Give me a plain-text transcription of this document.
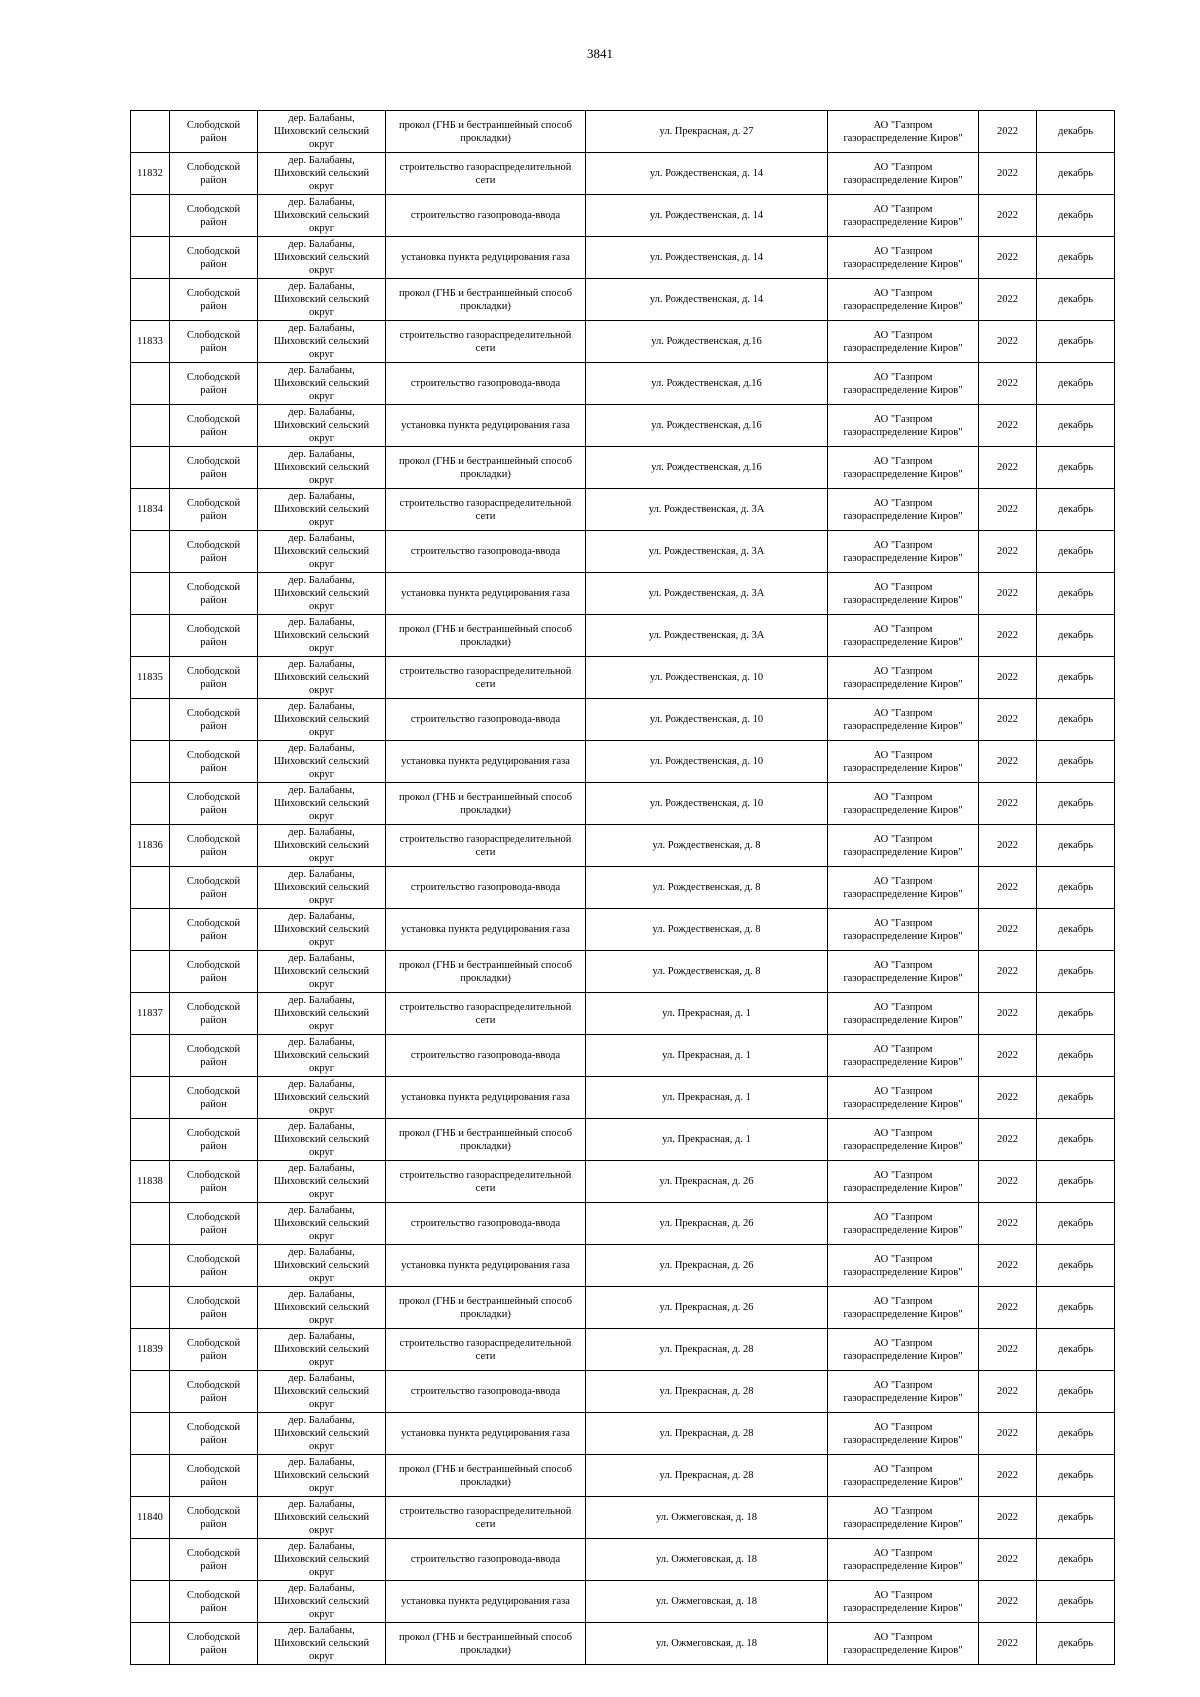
3841
	Слободской район	дер. Балабаны, Шиховский сельский округ	прокол (ГНБ и бестраншейный способ прокладки)	ул. Прекрасная, д. 27	АО "Газпром газораспределение Киров"	2022	декабрь
11832	Слободской район	дер. Балабаны, Шиховский сельский округ	строительство газораспределительной сети	ул. Рождественская, д. 14	АО "Газпром газораспределение Киров"	2022	декабрь
	Слободской район	дер. Балабаны, Шиховский сельский округ	строительство газопровода-ввода	ул. Рождественская, д. 14	АО "Газпром газораспределение Киров"	2022	декабрь
	Слободской район	дер. Балабаны, Шиховский сельский округ	установка пункта редуцирования газа	ул. Рождественская, д. 14	АО "Газпром газораспределение Киров"	2022	декабрь
	Слободской район	дер. Балабаны, Шиховский сельский округ	прокол (ГНБ и бестраншейный способ прокладки)	ул. Рождественская, д. 14	АО "Газпром газораспределение Киров"	2022	декабрь
11833	Слободской район	дер. Балабаны, Шиховский сельский округ	строительство газораспределительной сети	ул. Рождественская, д.16	АО "Газпром газораспределение Киров"	2022	декабрь
	Слободской район	дер. Балабаны, Шиховский сельский округ	строительство газопровода-ввода	ул. Рождественская, д.16	АО "Газпром газораспределение Киров"	2022	декабрь
	Слободской район	дер. Балабаны, Шиховский сельский округ	установка пункта редуцирования газа	ул. Рождественская, д.16	АО "Газпром газораспределение Киров"	2022	декабрь
	Слободской район	дер. Балабаны, Шиховский сельский округ	прокол (ГНБ и бестраншейный способ прокладки)	ул. Рождественская, д.16	АО "Газпром газораспределение Киров"	2022	декабрь
11834	Слободской район	дер. Балабаны, Шиховский сельский округ	строительство газораспределительной сети	ул. Рождественская, д. 3А	АО "Газпром газораспределение Киров"	2022	декабрь
	Слободской район	дер. Балабаны, Шиховский сельский округ	строительство газопровода-ввода	ул. Рождественская, д. 3А	АО "Газпром газораспределение Киров"	2022	декабрь
	Слободской район	дер. Балабаны, Шиховский сельский округ	установка пункта редуцирования газа	ул. Рождественская, д. 3А	АО "Газпром газораспределение Киров"	2022	декабрь
	Слободской район	дер. Балабаны, Шиховский сельский округ	прокол (ГНБ и бестраншейный способ прокладки)	ул. Рождественская, д. 3А	АО "Газпром газораспределение Киров"	2022	декабрь
11835	Слободской район	дер. Балабаны, Шиховский сельский округ	строительство газораспределительной сети	ул. Рождественская, д. 10	АО "Газпром газораспределение Киров"	2022	декабрь
	Слободской район	дер. Балабаны, Шиховский сельский округ	строительство газопровода-ввода	ул. Рождественская, д. 10	АО "Газпром газораспределение Киров"	2022	декабрь
	Слободской район	дер. Балабаны, Шиховский сельский округ	установка пункта редуцирования газа	ул. Рождественская, д. 10	АО "Газпром газораспределение Киров"	2022	декабрь
	Слободской район	дер. Балабаны, Шиховский сельский округ	прокол (ГНБ и бестраншейный способ прокладки)	ул. Рождественская, д. 10	АО "Газпром газораспределение Киров"	2022	декабрь
11836	Слободской район	дер. Балабаны, Шиховский сельский округ	строительство газораспределительной сети	ул. Рождественская, д. 8	АО "Газпром газораспределение Киров"	2022	декабрь
	Слободской район	дер. Балабаны, Шиховский сельский округ	строительство газопровода-ввода	ул. Рождественская, д. 8	АО "Газпром газораспределение Киров"	2022	декабрь
	Слободской район	дер. Балабаны, Шиховский сельский округ	установка пункта редуцирования газа	ул. Рождественская, д. 8	АО "Газпром газораспределение Киров"	2022	декабрь
	Слободской район	дер. Балабаны, Шиховский сельский округ	прокол (ГНБ и бестраншейный способ прокладки)	ул. Рождественская, д. 8	АО "Газпром газораспределение Киров"	2022	декабрь
11837	Слободской район	дер. Балабаны, Шиховский сельский округ	строительство газораспределительной сети	ул. Прекрасная, д. 1	АО "Газпром газораспределение Киров"	2022	декабрь
	Слободской район	дер. Балабаны, Шиховский сельский округ	строительство газопровода-ввода	ул. Прекрасная, д. 1	АО "Газпром газораспределение Киров"	2022	декабрь
	Слободской район	дер. Балабаны, Шиховский сельский округ	установка пункта редуцирования газа	ул. Прекрасная, д. 1	АО "Газпром газораспределение Киров"	2022	декабрь
	Слободской район	дер. Балабаны, Шиховский сельский округ	прокол (ГНБ и бестраншейный способ прокладки)	ул. Прекрасная, д. 1	АО "Газпром газораспределение Киров"	2022	декабрь
11838	Слободской район	дер. Балабаны, Шиховский сельский округ	строительство газораспределительной сети	ул. Прекрасная, д. 26	АО "Газпром газораспределение Киров"	2022	декабрь
	Слободской район	дер. Балабаны, Шиховский сельский округ	строительство газопровода-ввода	ул. Прекрасная, д. 26	АО "Газпром газораспределение Киров"	2022	декабрь
	Слободской район	дер. Балабаны, Шиховский сельский округ	установка пункта редуцирования газа	ул. Прекрасная, д. 26	АО "Газпром газораспределение Киров"	2022	декабрь
	Слободской район	дер. Балабаны, Шиховский сельский округ	прокол (ГНБ и бестраншейный способ прокладки)	ул. Прекрасная, д. 26	АО "Газпром газораспределение Киров"	2022	декабрь
11839	Слободской район	дер. Балабаны, Шиховский сельский округ	строительство газораспределительной сети	ул. Прекрасная, д. 28	АО "Газпром газораспределение Киров"	2022	декабрь
	Слободской район	дер. Балабаны, Шиховский сельский округ	строительство газопровода-ввода	ул. Прекрасная, д. 28	АО "Газпром газораспределение Киров"	2022	декабрь
	Слободской район	дер. Балабаны, Шиховский сельский округ	установка пункта редуцирования газа	ул. Прекрасная, д. 28	АО "Газпром газораспределение Киров"	2022	декабрь
	Слободской район	дер. Балабаны, Шиховский сельский округ	прокол (ГНБ и бестраншейный способ прокладки)	ул. Прекрасная, д. 28	АО "Газпром газораспределение Киров"	2022	декабрь
11840	Слободской район	дер. Балабаны, Шиховский сельский округ	строительство газораспределительной сети	ул. Ожмеговская, д. 18	АО "Газпром газораспределение Киров"	2022	декабрь
	Слободской район	дер. Балабаны, Шиховский сельский округ	строительство газопровода-ввода	ул. Ожмеговская, д. 18	АО "Газпром газораспределение Киров"	2022	декабрь
	Слободской район	дер. Балабаны, Шиховский сельский округ	установка пункта редуцирования газа	ул. Ожмеговская, д. 18	АО "Газпром газораспределение Киров"	2022	декабрь
	Слободской район	дер. Балабаны, Шиховский сельский округ	прокол (ГНБ и бестраншейный способ прокладки)	ул. Ожмеговская, д. 18	АО "Газпром газораспределение Киров"	2022	декабрь
